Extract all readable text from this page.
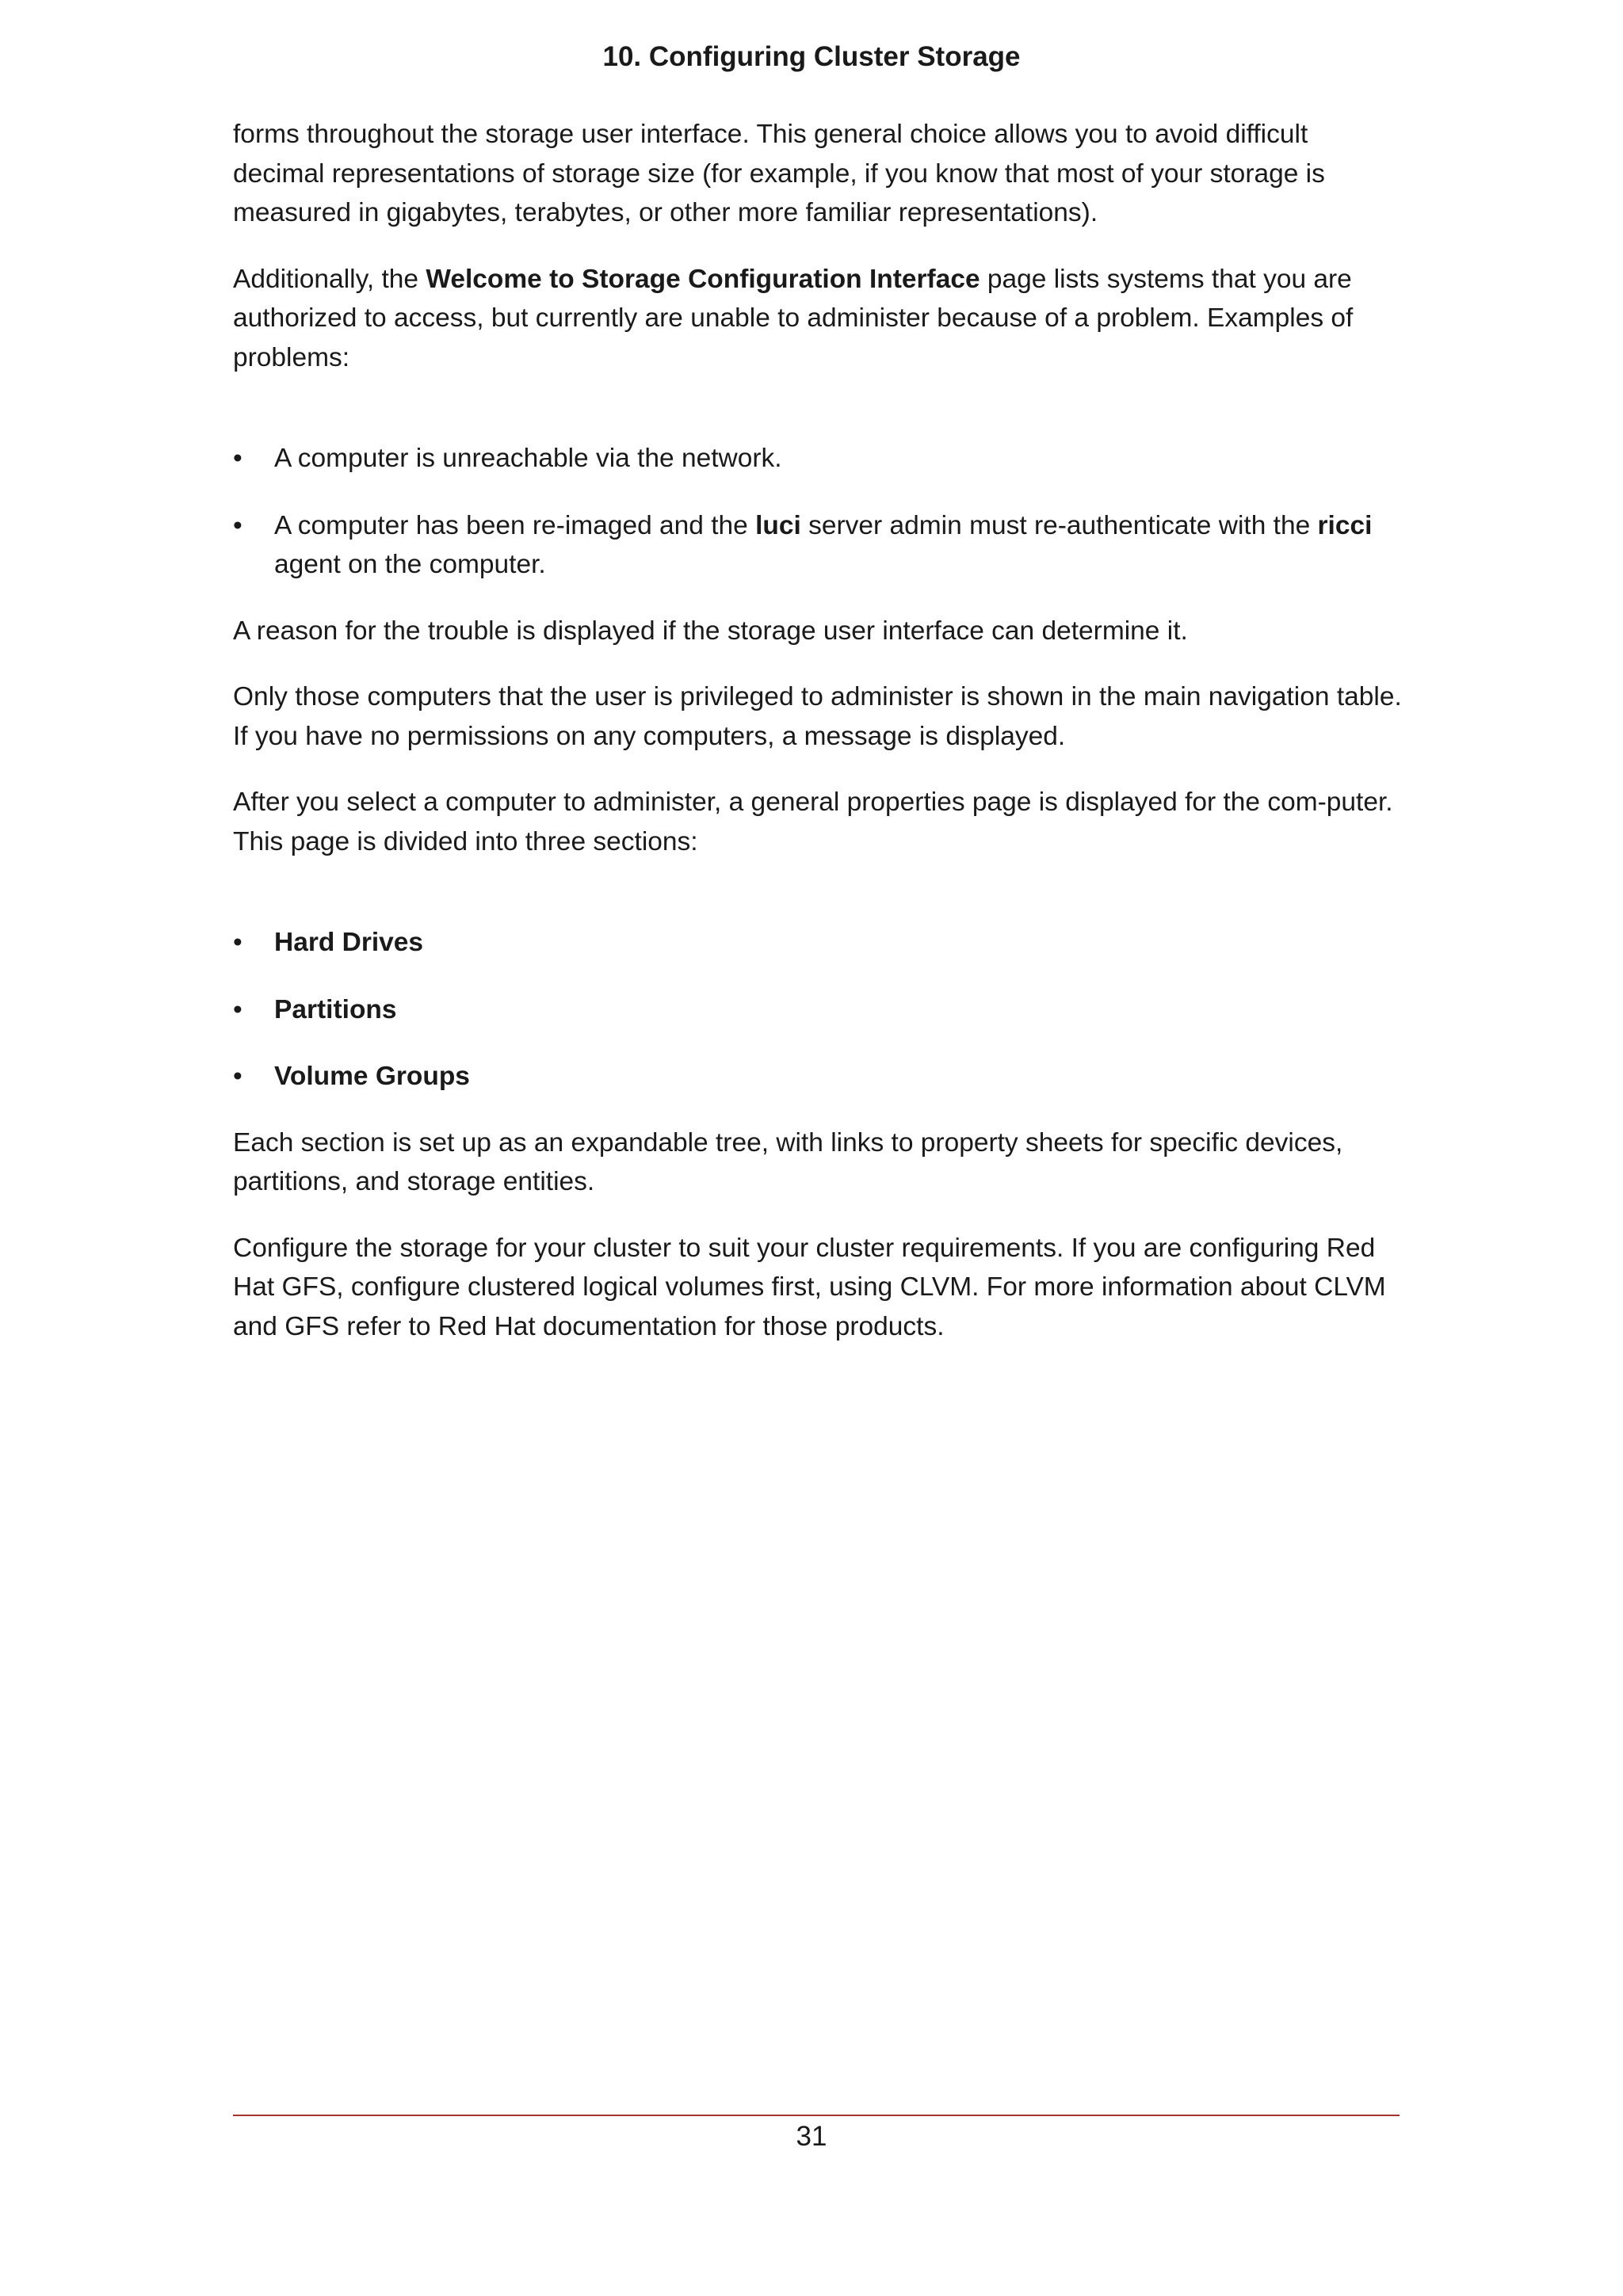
10. Configuring Cluster Storage

forms throughout the storage user interface. This general choice allows you to avoid difficult decimal representations of storage size (for example, if you know that most of your storage is measured in gigabytes, terabytes, or other more familiar representations).

Additionally, the Welcome to Storage Configuration Interface page lists systems that you are authorized to access, but currently are unable to administer because of a problem. Examples of problems:

• A computer is unreachable via the network.
• A computer has been re-imaged and the luci server admin must re-authenticate with the ricci agent on the computer.

A reason for the trouble is displayed if the storage user interface can determine it.

Only those computers that the user is privileged to administer is shown in the main navigation table. If you have no permissions on any computers, a message is displayed.

After you select a computer to administer, a general properties page is displayed for the com-puter. This page is divided into three sections:

• Hard Drives
• Partitions
• Volume Groups

Each section is set up as an expandable tree, with links to property sheets for specific devices, partitions, and storage entities.

Configure the storage for your cluster to suit your cluster requirements. If you are configuring Red Hat GFS, configure clustered logical volumes first, using CLVM. For more information about CLVM and GFS refer to Red Hat documentation for those products.

31
